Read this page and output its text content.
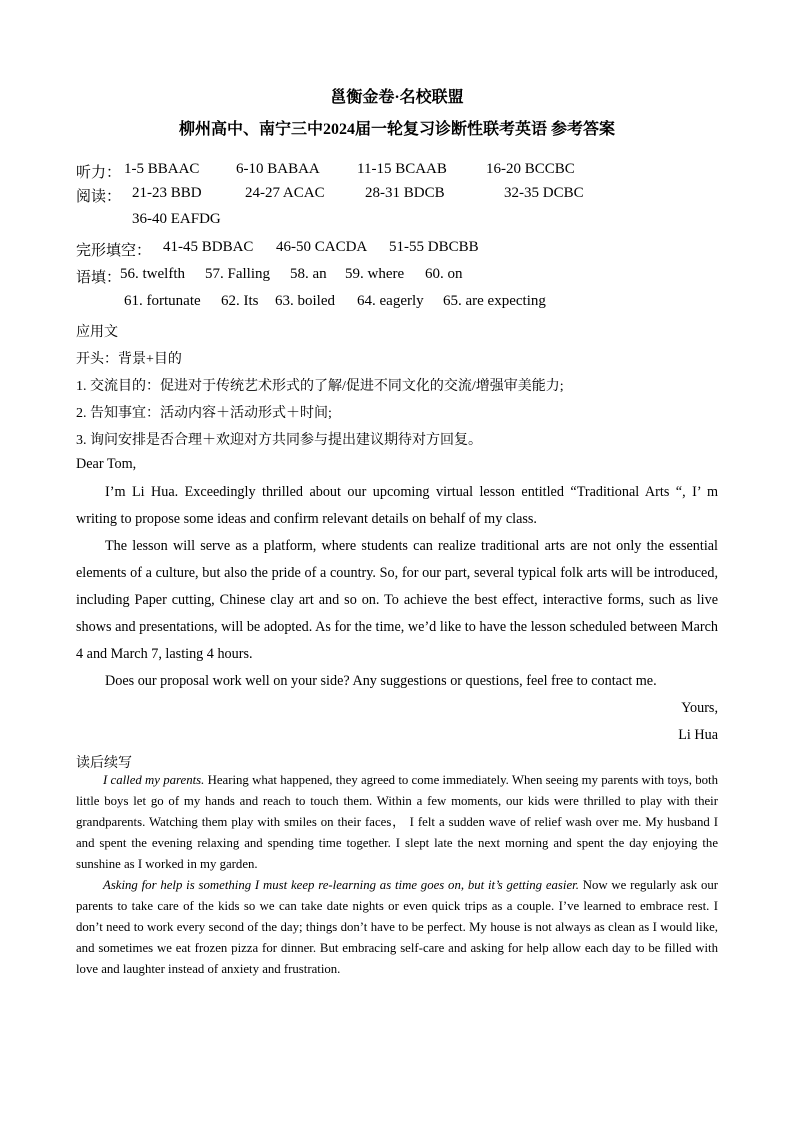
邕衡金卷·名校联盟
柳州高中、南宁三中2024届一轮复习诊断性联考英语 参考答案
听力： 1-5 BBAAC 6-10 BABAA 11-15 BCAAB	16-20 BCCBC
阅读： 21-23 BBD	24-27 ACAC	28-31 BDCB	32-35 DCBC
36-40 EAFDG
完形填空： 41-45 BDBAC 46-50 CACDA 51-55 DBCBB
语填：
56. twelfth 57. Falling 58. an 59. where 60. on
61. fortunate 62. Its 63. boiled 64. eagerly 65. are expecting
应用文
开头：背景+目的
1. 交流目的：促进对于传统艺术形式的了解/促进不同文化的交流/增强审美能力;
2. 告知事宜：活动内容＋活动形式＋时间;
3. 询问安排是否合理＋欢迎对方共同参与提出建议期待对方回复。
Dear Tom,
I’m Li Hua. Exceedingly thrilled about our upcoming virtual lesson entitled “Traditional Arts “, I’ m writing to propose some ideas and confirm relevant details on behalf of my class.
The lesson will serve as a platform, where students can realize traditional arts are not only the essential elements of a culture, but also the pride of a country. So, for our part, several typical folk arts will be introduced, including Paper cutting, Chinese clay art and so on. To achieve the best effect, interactive forms, such as live shows and presentations, will be adopted. As for the time, we’d like to have the lesson scheduled between March 4 and March 7, lasting 4 hours.
Does our proposal work well on your side? Any suggestions or questions, feel free to contact me.
Yours,
Li Hua
读后续写
I called my parents. Hearing what happened, they agreed to come immediately. When seeing my parents with toys, both little boys let go of my hands and reach to touch them. Within a few moments, our kids were thrilled to play with their grandparents. Watching them play with smiles on their faces， I felt a sudden wave of relief wash over me. My husband I and spent the evening relaxing and spending time together. I slept late the next morning and spent the day enjoying the sunshine as I worked in my garden.
Asking for help is something I must keep re-learning as time goes on, but it’s getting easier. Now we regularly ask our parents to take care of the kids so we can take date nights or even quick trips as a couple. I’ve learned to embrace rest. I don’t need to work every second of the day; things don’t have to be perfect. My house is not always as clean as I would like, and sometimes we eat frozen pizza for dinner. But embracing self-care and asking for help allow each day to be filled with love and laughter instead of anxiety and frustration.
